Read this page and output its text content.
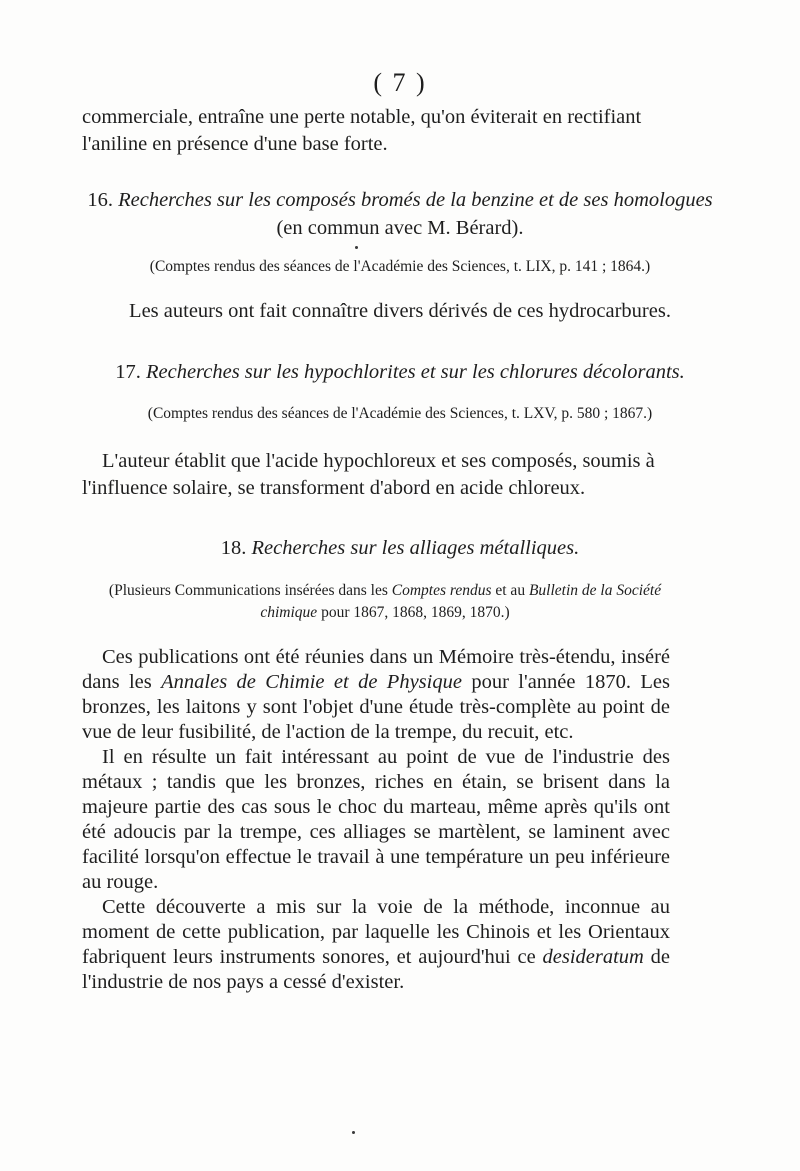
( 7 )
commerciale, entraîne une perte notable, qu'on éviterait en rectifiant
l'aniline en présence d'une base forte.
16. Recherches sur les composés bromés de la benzine et de ses homologues
(en commun avec M. Bérard).
(Comptes rendus des séances de l'Académie des Sciences, t. LIX, p. 141 ; 1864.)
Les auteurs ont fait connaître divers dérivés de ces hydrocarbures.
17. Recherches sur les hypochlorites et sur les chlorures décolorants.
(Comptes rendus des séances de l'Académie des Sciences, t. LXV, p. 580 ; 1867.)
L'auteur établit que l'acide hypochloreux et ses composés, soumis à
l'influence solaire, se transforment d'abord en acide chloreux.
18. Recherches sur les alliages métalliques.
(Plusieurs Communications insérées dans les Comptes rendus et au Bulletin de la Société chimique pour 1867, 1868, 1869, 1870.)

Ces publications ont été réunies dans un Mémoire très-étendu, inséré dans les Annales de Chimie et de Physique pour l'année 1870. Les bronzes, les laitons y sont l'objet d'une étude très-complète au point de vue de leur fusibilité, de l'action de la trempe, du recuit, etc.

Il en résulte un fait intéressant au point de vue de l'industrie des métaux ; tandis que les bronzes, riches en étain, se brisent dans la majeure partie des cas sous le choc du marteau, même après qu'ils ont été adoucis par la trempe, ces alliages se martèlent, se laminent avec facilité lorsqu'on effectue le travail à une température un peu inférieure au rouge.

Cette découverte a mis sur la voie de la méthode, inconnue au moment de cette publication, par laquelle les Chinois et les Orientaux fabriquent leurs instruments sonores, et aujourd'hui ce desideratum de l'industrie de nos pays a cessé d'exister.
